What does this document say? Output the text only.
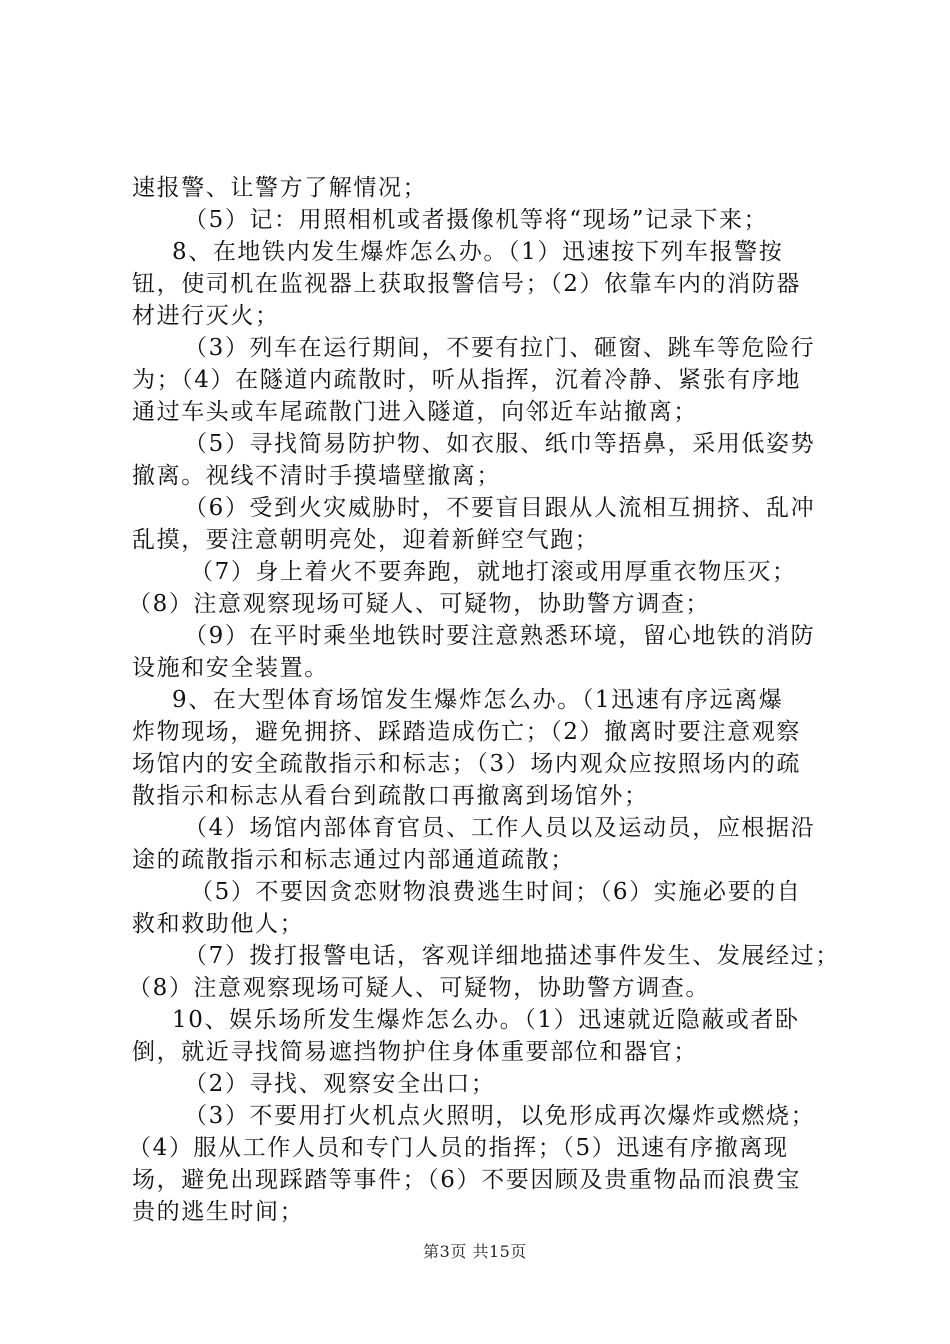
速报警、让警方了解情况；
（5）记：用照相机或者摄像机等将“现场”记录下来；
8、在地铁内发生爆炸怎么办。（1）迅速按下列车报警按
钮，使司机在监视器上获取报警信号；（2）依靠车内的消防器
材进行灭火；
（3）列车在运行期间，不要有拉门、砸窗、跳车等危险行
为；（4）在隧道内疏散时，听从指挥，沉着冷静、紧张有序地
通过车头或车尾疏散门进入隧道，向邻近车站撤离；
（5）寻找简易防护物、如衣服、纸巾等捂鼻，采用低姿势
撤离。视线不清时手摸墙壁撤离；
（6）受到火灾威胁时，不要盲目跟从人流相互拥挤、乱冲
乱摸，要注意朝明亮处，迎着新鲜空气跑；
（7）身上着火不要奔跑，就地打滚或用厚重衣物压灭；
（8）注意观察现场可疑人、可疑物，协助警方调查；
（9）在平时乘坐地铁时要注意熟悉环境，留心地铁的消防
设施和安全装置。
9、在大型体育场馆发生爆炸怎么办。（1迅速有序远离爆
炸物现场，避免拥挤、踩踏造成伤亡；（2）撤离时要注意观察
场馆内的安全疏散指示和标志；（3）场内观众应按照场内的疏
散指示和标志从看台到疏散口再撤离到场馆外；
（4）场馆内部体育官员、工作人员以及运动员，应根据沿
途的疏散指示和标志通过内部通道疏散；
（5）不要因贪恋财物浪费逃生时间；（6）实施必要的自
救和救助他人；
（7）拨打报警电话，客观详细地描述事件发生、发展经过；
（8）注意观察现场可疑人、可疑物，协助警方调查。
10、娱乐场所发生爆炸怎么办。（1）迅速就近隐蔽或者卧
倒，就近寻找简易遮挡物护住身体重要部位和器官；
（2）寻找、观察安全出口；
（3）不要用打火机点火照明，以免形成再次爆炸或燃烧；
（4）服从工作人员和专门人员的指挥；（5）迅速有序撤离现
场，避免出现踩踏等事件；（6）不要因顾及贵重物品而浪费宝
贵的逃生时间；
第3页 共15页
